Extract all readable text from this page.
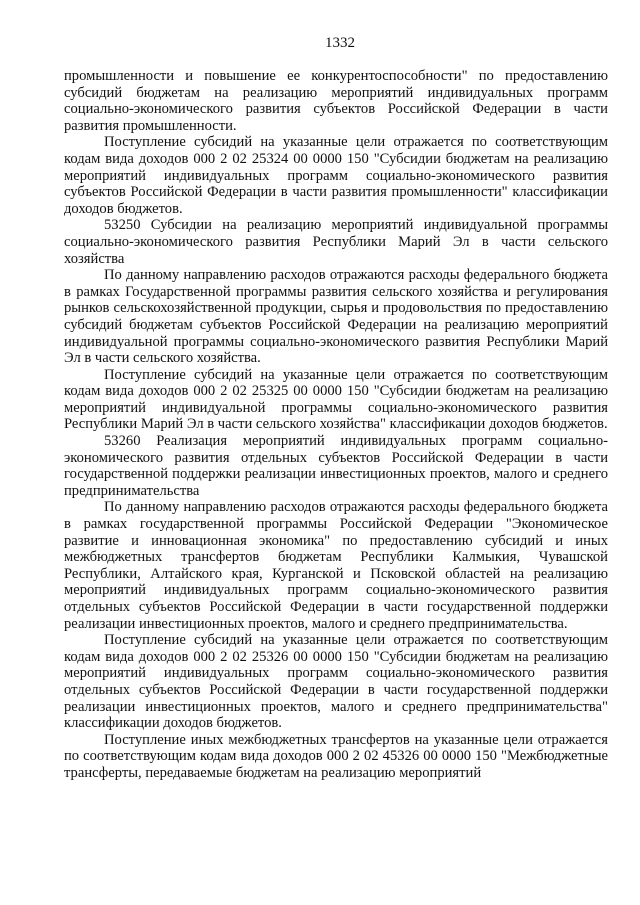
1332

промышленности и повышение ее конкурентоспособности" по предоставлению субсидий бюджетам на реализацию мероприятий индивидуальных программ социально-экономического развития субъектов Российской Федерации в части развития промышленности.

Поступление субсидий на указанные цели отражается по соответствующим кодам вида доходов 000 2 02 25324 00 0000 150 "Субсидии бюджетам на реализацию мероприятий индивидуальных программ социально-экономического развития субъектов Российской Федерации в части развития промышленности" классификации доходов бюджетов.

53250 Субсидии на реализацию мероприятий индивидуальной программы социально-экономического развития Республики Марий Эл в части сельского хозяйства

По данному направлению расходов отражаются расходы федерального бюджета в рамках Государственной программы развития сельского хозяйства и регулирования рынков сельскохозяйственной продукции, сырья и продовольствия по предоставлению субсидий бюджетам субъектов Российской Федерации на реализацию мероприятий индивидуальной программы социально-экономического развития Республики Марий Эл в части сельского хозяйства.

Поступление субсидий на указанные цели отражается по соответствующим кодам вида доходов 000 2 02 25325 00 0000 150 "Субсидии бюджетам на реализацию мероприятий индивидуальной программы социально-экономического развития Республики Марий Эл в части сельского хозяйства" классификации доходов бюджетов.

53260 Реализация мероприятий индивидуальных программ социально-экономического развития отдельных субъектов Российской Федерации в части государственной поддержки реализации инвестиционных проектов, малого и среднего предпринимательства

По данному направлению расходов отражаются расходы федерального бюджета в рамках государственной программы Российской Федерации "Экономическое развитие и инновационная экономика" по предоставлению субсидий и иных межбюджетных трансфертов бюджетам Республики Калмыкия, Чувашской Республики, Алтайского края, Курганской и Псковской областей на реализацию мероприятий индивидуальных программ социально-экономического развития отдельных субъектов Российской Федерации в части государственной поддержки реализации инвестиционных проектов, малого и среднего предпринимательства.

Поступление субсидий на указанные цели отражается по соответствующим кодам вида доходов 000 2 02 25326 00 0000 150 "Субсидии бюджетам на реализацию мероприятий индивидуальных программ социально-экономического развития отдельных субъектов Российской Федерации в части государственной поддержки реализации инвестиционных проектов, малого и среднего предпринимательства" классификации доходов бюджетов.

Поступление иных межбюджетных трансфертов на указанные цели отражается по соответствующим кодам вида доходов 000 2 02 45326 00 0000 150 "Межбюджетные трансферты, передаваемые бюджетам на реализацию мероприятий
